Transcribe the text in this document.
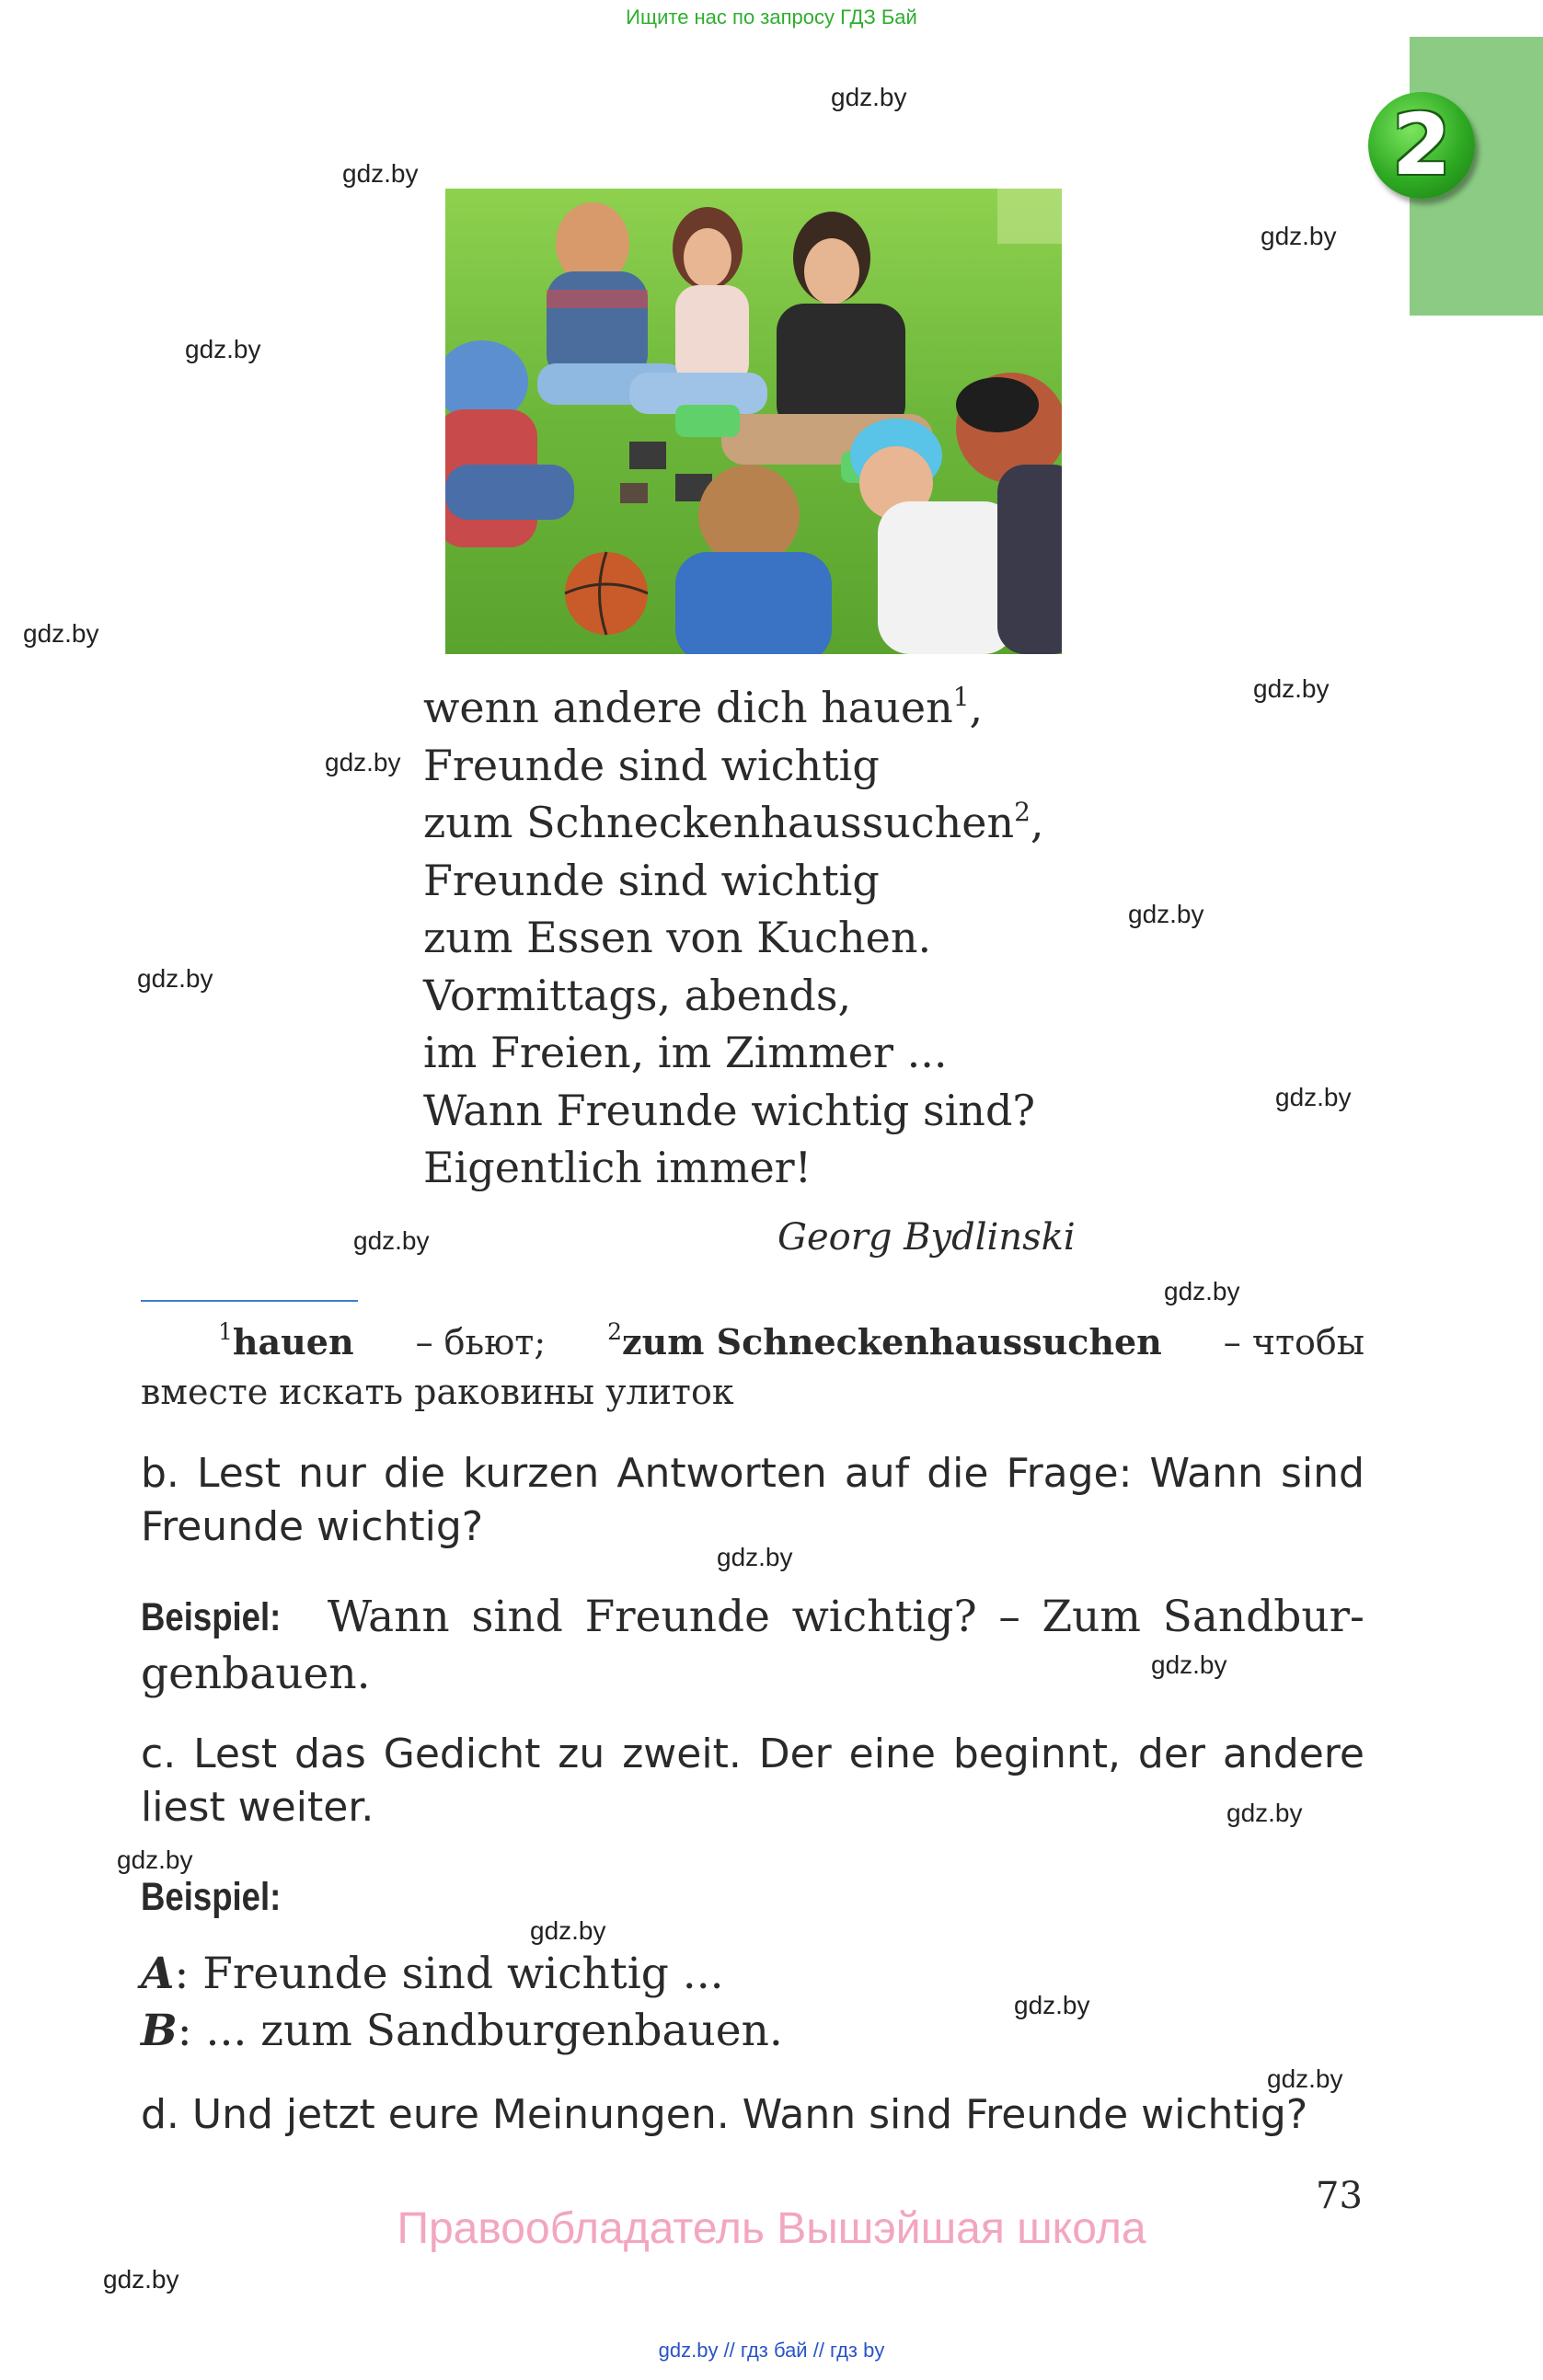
Ищите нас по запросу ГДЗ Бай
2
gdz.by
gdz.by
gdz.by
gdz.by
gdz.by
gdz.by
gdz.by
gdz.by
gdz.by
gdz.by
gdz.by
gdz.by
gdz.by
gdz.by
gdz.by
gdz.by
gdz.by
gdz.by
gdz.by
gdz.by
wenn andere dich hauen$^1$,
Freunde sind wichtig
zum Schneckenhaussuchen$^2$,
Freunde sind wichtig
zum Essen von Kuchen.
Vormittags, abends,
im Freien, im Zimmer ...
Wann Freunde wichtig sind?
Eigentlich immer!
Georg Bydlinski
$^1$hauen – бьют;	$^2$zum Schneckenhaussuchen – чтобы
вместе искать раковины улиток
b. Lest nur die kurzen Antworten auf die Frage: Wann sind
Freunde wichtig?
Beispiel: Wann sind Freunde wichtig? – Zum Sandbur-
genbauen.
c. Lest das Gedicht zu zweit. Der eine beginnt, der andere
liest weiter.
Beispiel:
A: Freunde sind wichtig ...
B: ... zum Sandburgenbauen.
d. Und jetzt eure Meinungen. Wann sind Freunde wichtig?
73
Правообладатель Вышэйшая школа
gdz.by // гдз бай // гдз by
